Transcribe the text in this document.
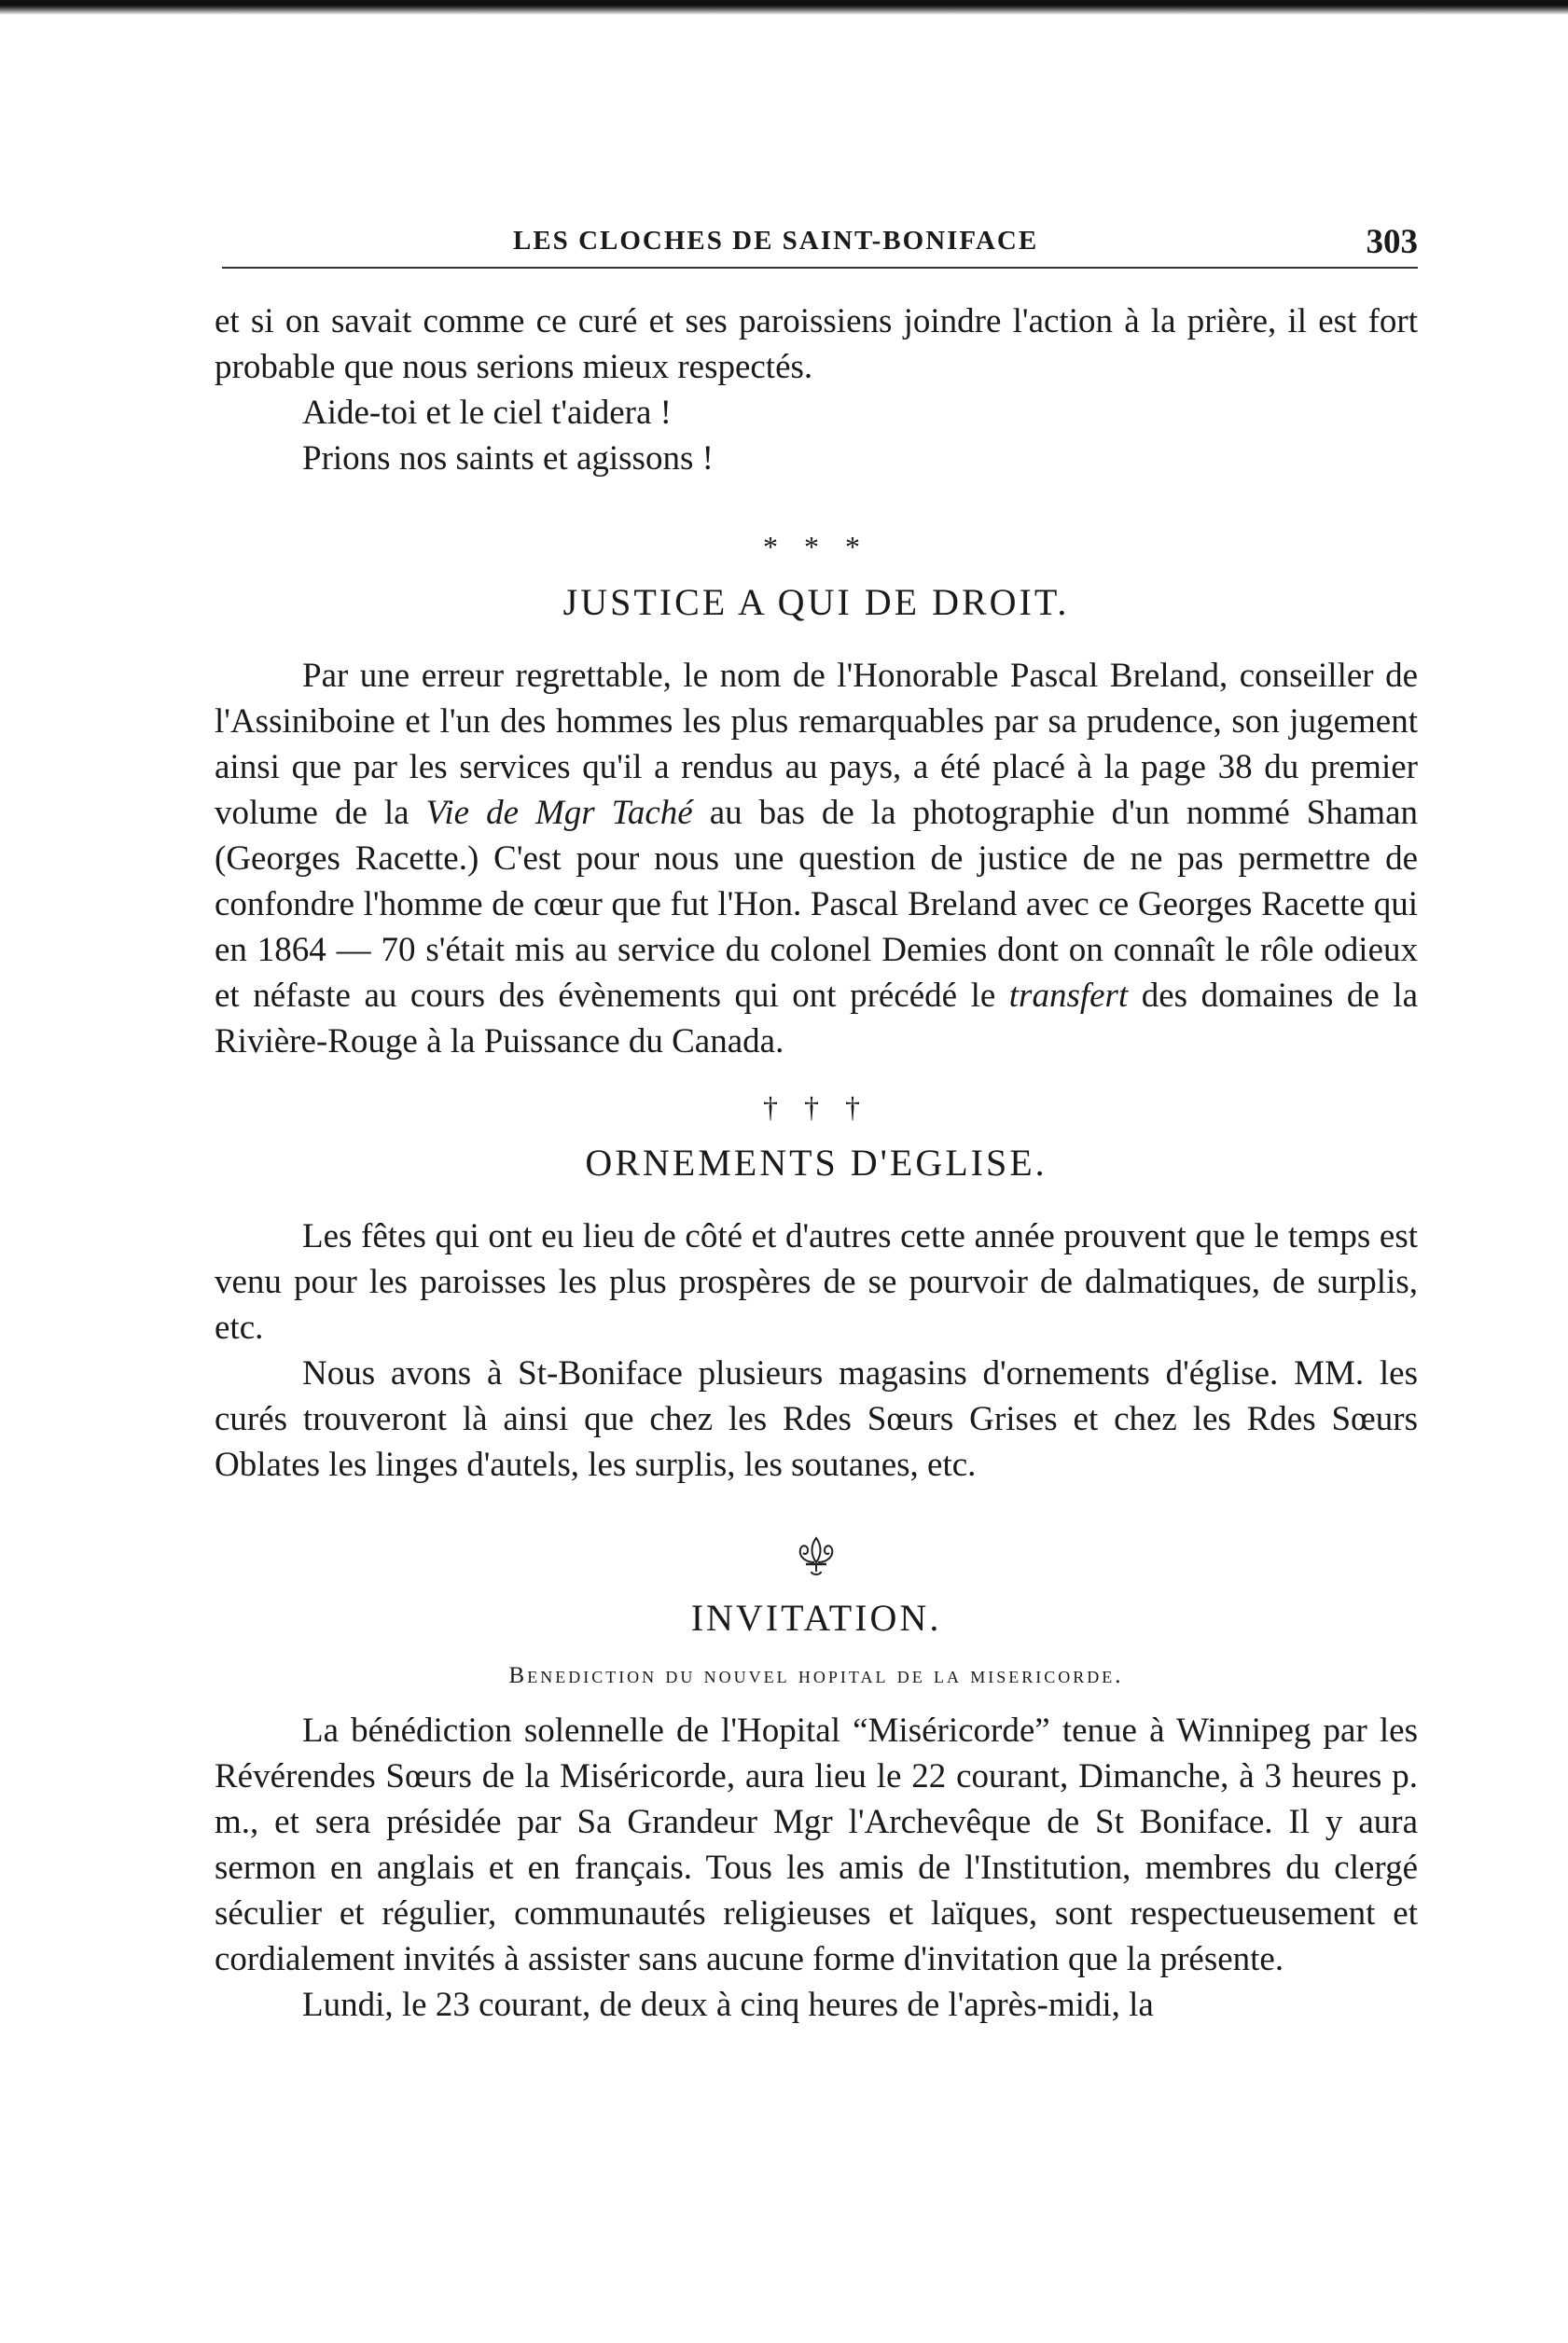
LES CLOCHES DE SAINT-BONIFACE	303

et si on savait comme ce curé et ses paroissiens joindre l'action à la prière, il est fort probable que nous serions mieux respectés.

Aide-toi et le ciel t'aidera !

Prions nos saints et agissons !

* * *
JUSTICE A QUI DE DROIT.

Par une erreur regrettable, le nom de l'Honorable Pascal Breland, conseiller de l'Assiniboine et l'un des hommes les plus remarquables par sa prudence, son jugement ainsi que par les services qu'il a rendus au pays, a été placé à la page 38 du premier volume de la Vie de Mgr Taché au bas de la photographie d'un nommé Shaman (Georges Racette.) C'est pour nous une question de justice de ne pas permettre de confondre l'homme de cœur que fut l'Hon. Pascal Breland avec ce Georges Racette qui en 1864 — 70 s'était mis au service du colonel Demies dont on connaît le rôle odieux et néfaste au cours des évènements qui ont précédé le transfert des domaines de la Rivière-Rouge à la Puissance du Canada.

† † †
ORNEMENTS D'EGLISE.

Les fêtes qui ont eu lieu de côté et d'autres cette année prouvent que le temps est venu pour les paroisses les plus prospères de se pourvoir de dalmatiques, de surplis, etc.

Nous avons à St-Boniface plusieurs magasins d'ornements d'église. MM. les curés trouveront là ainsi que chez les Rdes Sœurs Grises et chez les Rdes Sœurs Oblates les linges d'autels, les surplis, les soutanes, etc.

INVITATION.
Benediction du nouvel hopital de la misericorde.

La bénédiction solennelle de l'Hopital “Miséricorde” tenue à Winnipeg par les Révérendes Sœurs de la Miséricorde, aura lieu le 22 courant, Dimanche, à 3 heures p. m., et sera présidée par Sa Grandeur Mgr l'Archevêque de St Boniface. Il y aura sermon en anglais et en français. Tous les amis de l'Institution, membres du clergé séculier et régulier, communautés religieuses et laïques, sont respectueusement et cordialement invités à assister sans aucune forme d'invitation que la présente.

Lundi, le 23 courant, de deux à cinq heures de l'après-midi, la
